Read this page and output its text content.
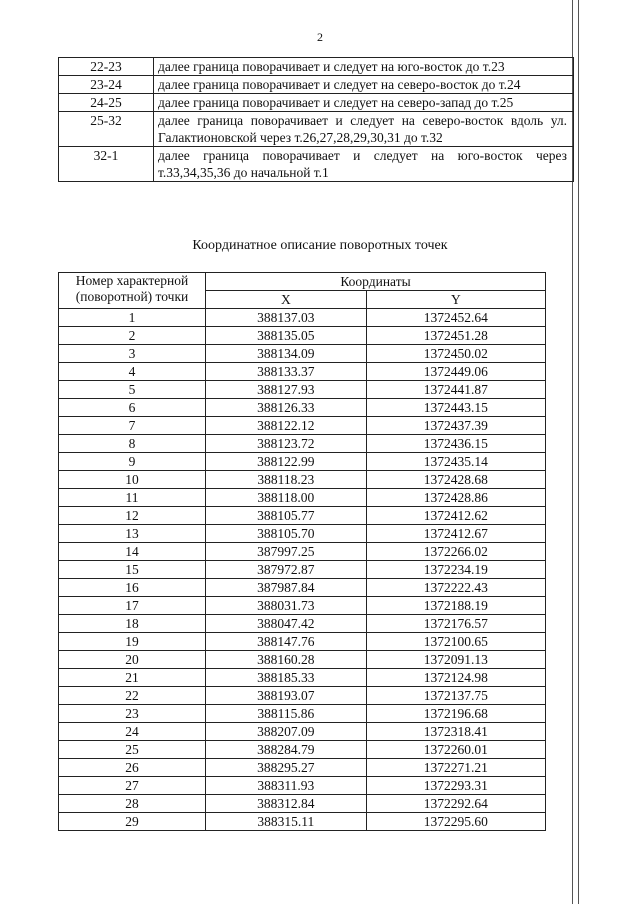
2
22-23	далее граница поворачивает и следует на юго-восток до т.23
23-24	далее граница поворачивает и следует на северо-восток до т.24
24-25	далее граница поворачивает и следует на северо-запад до т.25
25-32	далее граница поворачивает и следует на северо-восток вдоль ул. Галактионовской через т.26,27,28,29,30,31 до т.32
32-1	далее граница поворачивает и следует на юго-восток через т.33,34,35,36 до начальной т.1
Координатное описание поворотных точек
Номер характерной (поворотной) точки	Координаты	
	X	Y
1	388137.03	1372452.64
2	388135.05	1372451.28
3	388134.09	1372450.02
4	388133.37	1372449.06
5	388127.93	1372441.87
6	388126.33	1372443.15
7	388122.12	1372437.39
8	388123.72	1372436.15
9	388122.99	1372435.14
10	388118.23	1372428.68
11	388118.00	1372428.86
12	388105.77	1372412.62
13	388105.70	1372412.67
14	387997.25	1372266.02
15	387972.87	1372234.19
16	387987.84	1372222.43
17	388031.73	1372188.19
18	388047.42	1372176.57
19	388147.76	1372100.65
20	388160.28	1372091.13
21	388185.33	1372124.98
22	388193.07	1372137.75
23	388115.86	1372196.68
24	388207.09	1372318.41
25	388284.79	1372260.01
26	388295.27	1372271.21
27	388311.93	1372293.31
28	388312.84	1372292.64
29	388315.11	1372295.60
